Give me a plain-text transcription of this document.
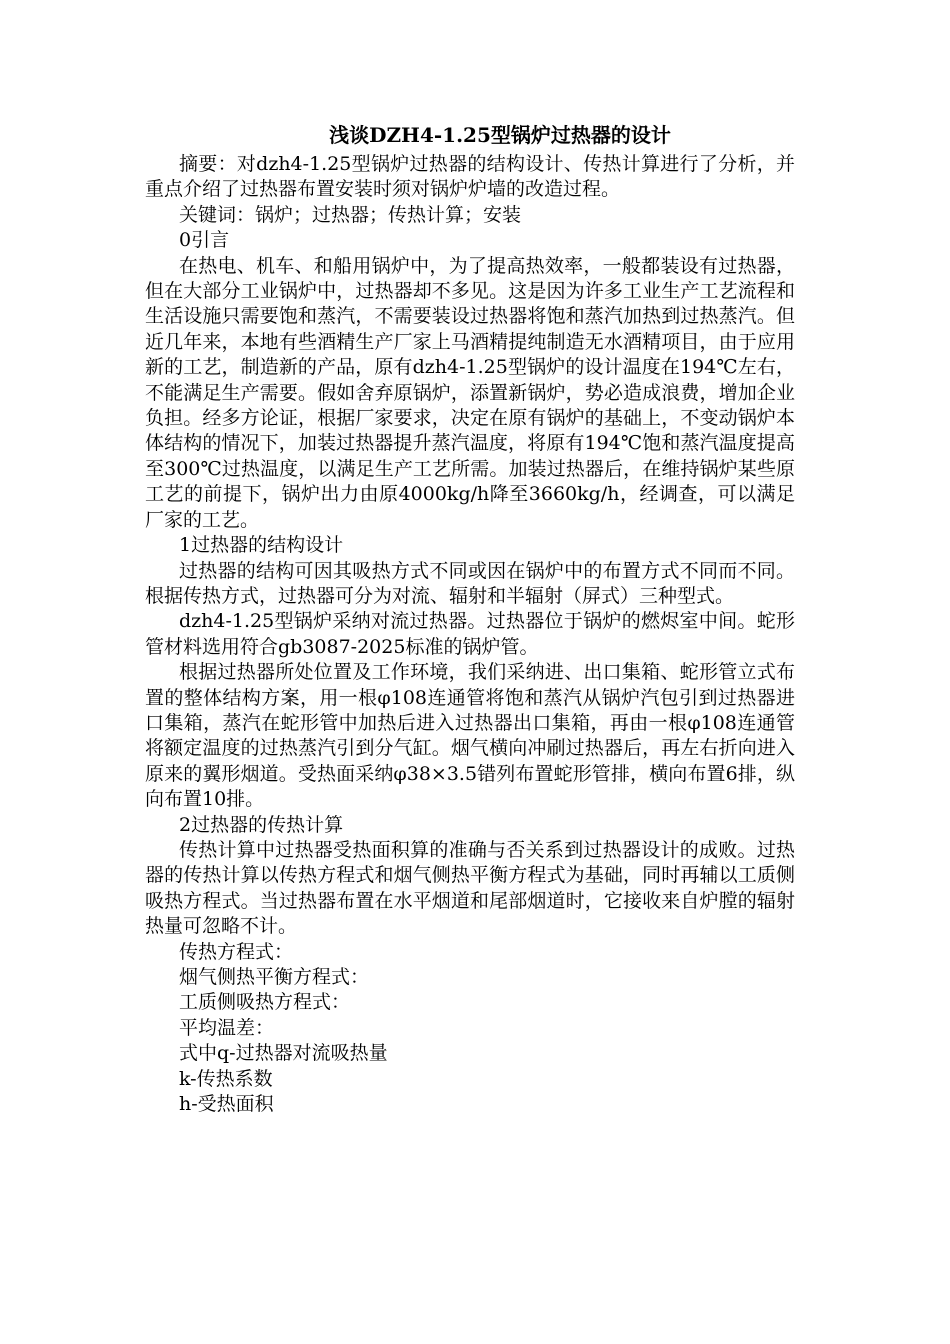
浅谈DZH4-1.25型锅炉过热器的设计

摘要：对dzh4-1.25型锅炉过热器的结构设计、传热计算进行了分析，并重点介绍了过热器布置安装时须对锅炉炉墙的改造过程。

关键词：锅炉；过热器；传热计算；安装

0引言

在热电、机车、和船用锅炉中，为了提高热效率，一般都装设有过热器，但在大部分工业锅炉中，过热器却不多见。这是因为许多工业生产工艺流程和生活设施只需要饱和蒸汽，不需要装设过热器将饱和蒸汽加热到过热蒸汽。但近几年来，本地有些酒精生产厂家上马酒精提纯制造无水酒精项目，由于应用新的工艺，制造新的产品，原有dzh4-1.25型锅炉的设计温度在194℃左右，不能满足生产需要。假如舍弃原锅炉，添置新锅炉，势必造成浪费，增加企业负担。经多方论证，根据厂家要求，决定在原有锅炉的基础上，不变动锅炉本体结构的情况下，加装过热器提升蒸汽温度，将原有194℃饱和蒸汽温度提高至300℃过热温度，以满足生产工艺所需。加装过热器后，在维持锅炉某些原工艺的前提下，锅炉出力由原4000kg/h降至3660kg/h，经调查，可以满足厂家的工艺。

1过热器的结构设计

过热器的结构可因其吸热方式不同或因在锅炉中的布置方式不同而不同。根据传热方式，过热器可分为对流、辐射和半辐射（屏式）三种型式。

dzh4-1.25型锅炉采纳对流过热器。过热器位于锅炉的燃烬室中间。蛇形管材料选用符合gb3087-2025标准的锅炉管。

根据过热器所处位置及工作环境，我们采纳进、出口集箱、蛇形管立式布置的整体结构方案，用一根φ108连通管将饱和蒸汽从锅炉汽包引到过热器进口集箱，蒸汽在蛇形管中加热后进入过热器出口集箱，再由一根φ108连通管将额定温度的过热蒸汽引到分气缸。烟气横向冲刷过热器后，再左右折向进入原来的翼形烟道。受热面采纳φ38×3.5错列布置蛇形管排，横向布置6排，纵向布置10排。

2过热器的传热计算

传热计算中过热器受热面积算的准确与否关系到过热器设计的成败。过热器的传热计算以传热方程式和烟气侧热平衡方程式为基础，同时再辅以工质侧吸热方程式。当过热器布置在水平烟道和尾部烟道时，它接收来自炉膛的辐射热量可忽略不计。

传热方程式：

烟气侧热平衡方程式：

工质侧吸热方程式：

平均温差：

式中q-过热器对流吸热量

k-传热系数

h-受热面积
